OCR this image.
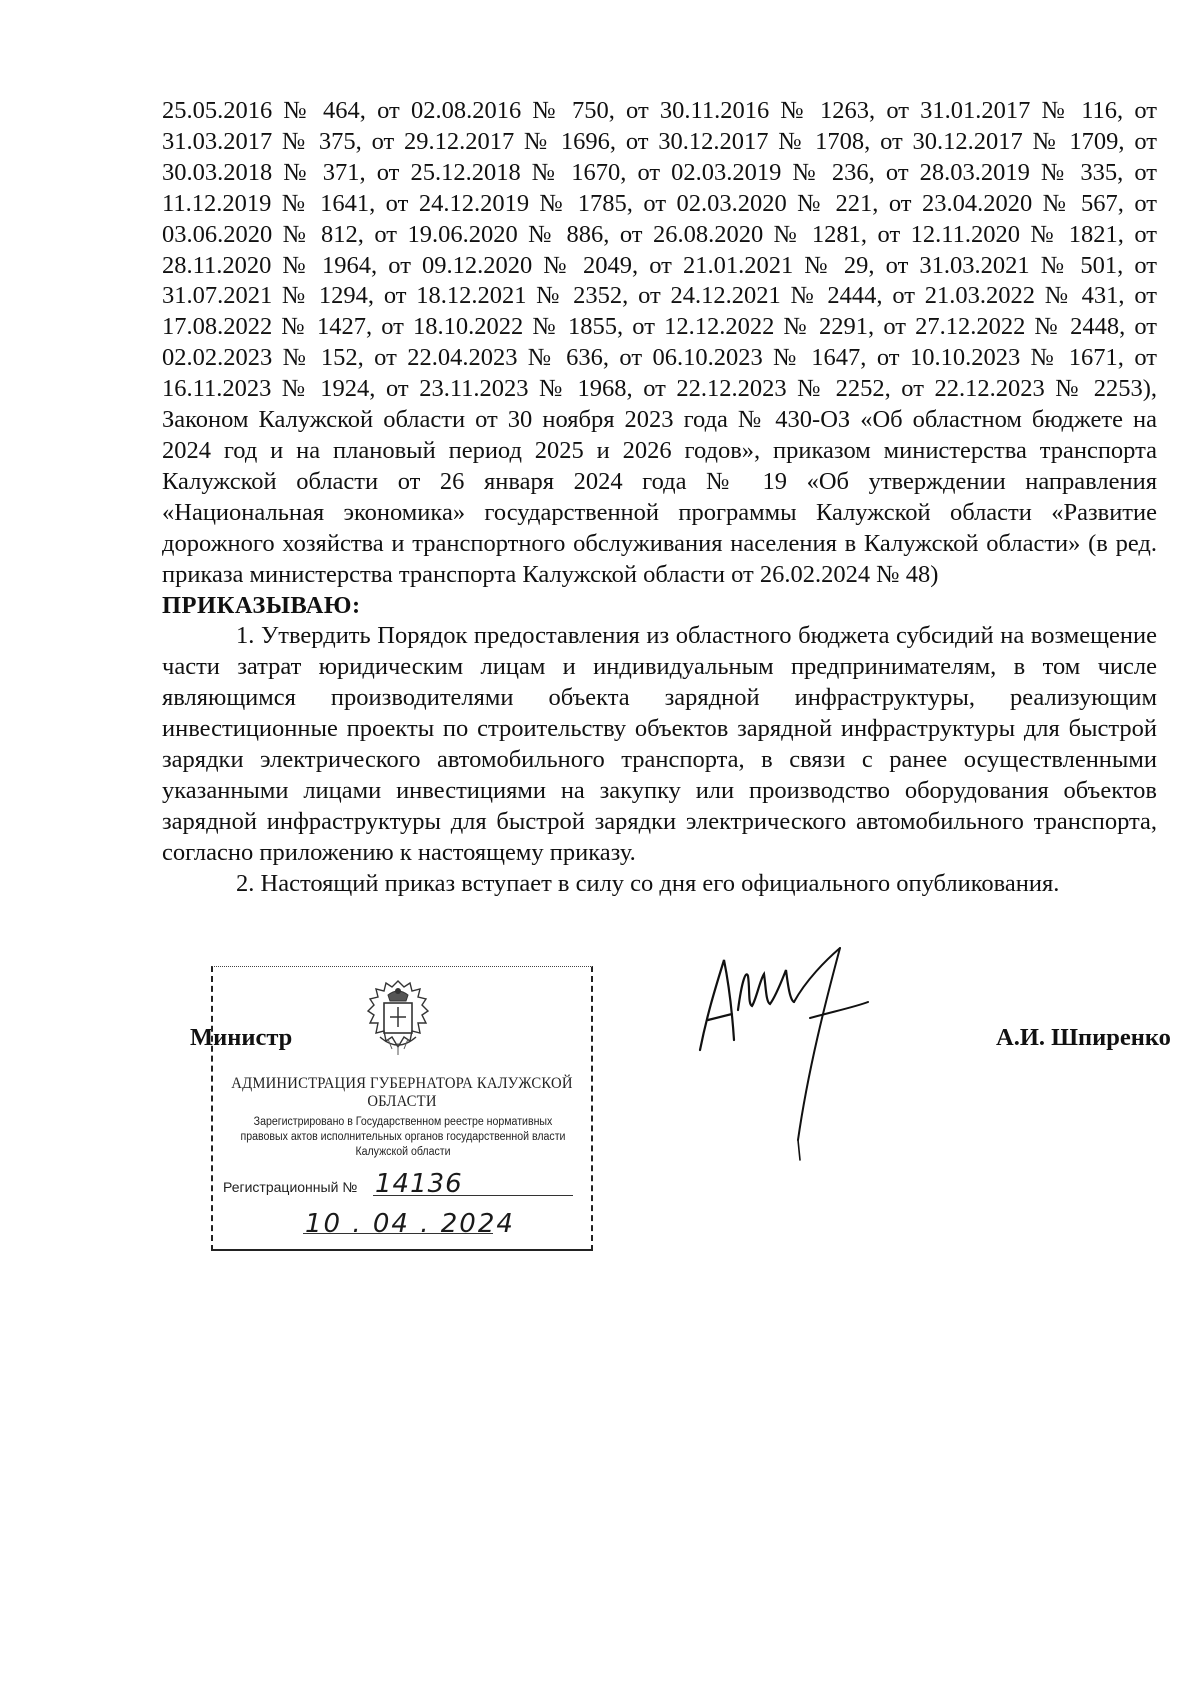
25.05.2016 № 464, от 02.08.2016 № 750, от 30.11.2016 № 1263, от 31.01.2017 № 116, от 31.03.2017 № 375, от 29.12.2017 № 1696, от 30.12.2017 № 1708, от 30.12.2017 № 1709, от 30.03.2018 № 371, от 25.12.2018 № 1670, от 02.03.2019 № 236, от 28.03.2019 № 335, от 11.12.2019 № 1641, от 24.12.2019 № 1785, от 02.03.2020 № 221, от 23.04.2020 № 567, от 03.06.2020 № 812, от 19.06.2020 № 886, от 26.08.2020 № 1281, от 12.11.2020 № 1821, от 28.11.2020 № 1964, от 09.12.2020 № 2049, от 21.01.2021 № 29, от 31.03.2021 № 501, от 31.07.2021 № 1294, от 18.12.2021 № 2352, от 24.12.2021 № 2444, от 21.03.2022 № 431, от 17.08.2022 № 1427, от 18.10.2022 № 1855, от 12.12.2022 № 2291, от 27.12.2022 № 2448, от 02.02.2023 № 152, от 22.04.2023 № 636, от 06.10.2023 № 1647, от 10.10.2023 № 1671, от 16.11.2023 № 1924, от 23.11.2023 № 1968, от 22.12.2023 № 2252, от 22.12.2023 № 2253), Законом Калужской области от 30 ноября 2023 года № 430-ОЗ «Об областном бюджете на 2024 год и на плановый период 2025 и 2026 годов», приказом министерства транспорта Калужской области от 26 января 2024 года № 19 «Об утверждении направления «Национальная экономика» государственной программы Калужской области «Развитие дорожного хозяйства и транспортного обслуживания населения в Калужской области» (в ред. приказа министерства транспорта Калужской области от 26.02.2024 № 48)

ПРИКАЗЫВАЮ:

1. Утвердить Порядок предоставления из областного бюджета субсидий на возмещение части затрат юридическим лицам и индивидуальным предпринимателям, в том числе являющимся производителями объекта зарядной инфраструктуры, реализующим инвестиционные проекты по строительству объектов зарядной инфраструктуры для быстрой зарядки электрического автомобильного транспорта, в связи с ранее осуществленными указанными лицами инвестициями на закупку или производство оборудования объектов зарядной инфраструктуры для быстрой зарядки электрического автомобильного транспорта, согласно приложению к настоящему приказу.

2. Настоящий приказ вступает в силу со дня его официального опубликования.

Министр
АДМИНИСТРАЦИЯ ГУБЕРНАТОРА КАЛУЖСКОЙ ОБЛАСТИ
Зарегистрировано в Государственном реестре нормативных правовых актов исполнительных органов государственной власти Калужской области
Регистрационный № 14136
10 . 04 . 2024
А.И. Шпиренко
